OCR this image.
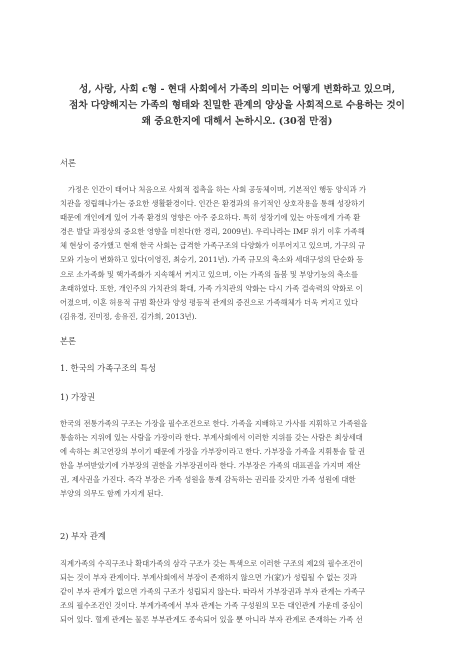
성, 사랑, 사회 c형 - 현대 사회에서 가족의 의미는 어떻게 변화하고 있으며,
점차 다양해지는 가족의 형태와 친밀한 관계의 양상을 사회적으로 수용하는 것이
왜 중요한지에 대해서 논하시오. (30점 만점)
서론
가정은 인간이 태어나 처음으로 사회적 접촉을 하는 사회 공동체이며, 기본적인 행동 양식과 가
치관을 정립해나가는 중요한 생활환경이다. 인간은 환경과의 유기적인 상호작용을 통해 성장하기
때문에 개인에게 있어 가족 환경의 영향은 아주 중요하다. 특히 성장기에 있는 아동에게 가족 환
경은 발달 과정상의 중요한 영향을 미친다(한 경리, 2009년). 우리나라는 IMF 위기 이후 가족해
체 현상이 증가했고 현재 한국 사회는 급격한 가족구조의 다양화가 이루어지고 있으며, 가구의 규
모와 기능이 변화하고 있다(이영진, 최승기, 2011년). 가족 규모의 축소와 세대구성의 단순화 등
으로 소가족화 및 핵가족화가 지속해서 커지고 있으며, 이는 가족의 돌봄 및 부양기능의 축소를
초래하였다. 또한, 개인주의 가치관의 확대, 가족 가치관의 약화는 다시 가족 결속력의 약화로 이
어졌으며, 이혼 허용적 규범 확산과 양성 평등적 관계의 증진으로 가족해체가 더욱 커지고 있다
(김유경, 진미정, 송유진, 김가희, 2013년).
본론
1. 한국의 가족구조의 특성
1) 가장권
한국의 전통가족의 구조는 가장을 필수조건으로 한다. 가족을 지배하고 가사를 지휘하고 가족원을
통솔하는 지위에 있는 사람을 가장이라 한다. 부계사회에서 이러한 지위를 갖는 사람은 최상세대
에 속하는 최고연장의 부이기 때문에 가장을 가부장이라고 한다. 가부장을 가족을 지휘통솔 할 권
한을 부여받았기에 가부장의 권한을 가부장권이라 한다. 가부장은 가족의 대표권을 가지며 재산
권, 제사권을 가진다. 즉각 부장은 가족 성원을 통제 감독하는 권리를 갖지만 가족 성원에 대한
부양의 의무도 함께 가지게 된다.
2) 부자 관계
직계가족의 수직구조나 확대가족의 삼각 구조가 갖는 특색으로 이러한 구조의 제2의 필수조건이
되는 것이 부자 관계이다. 부계사회에서 부장이 존재하지 않으면 가(家)가 성립될 수 없는 것과
같이 부자 관계가 없으면 가족의 구조가 성립되지 않는다. 따라서 가부장권과 부자 관계는 가족구
조의 필수조건인 것이다. 부계가족에서 부자 관계는 가족 구성원의 모든 대인관계 가운데 중심이
되어 있다. 혈계 관계는 물론 부부관계도 종속되어 있을 뿐 아니라 부자 관계로 존재하는 가족 선
